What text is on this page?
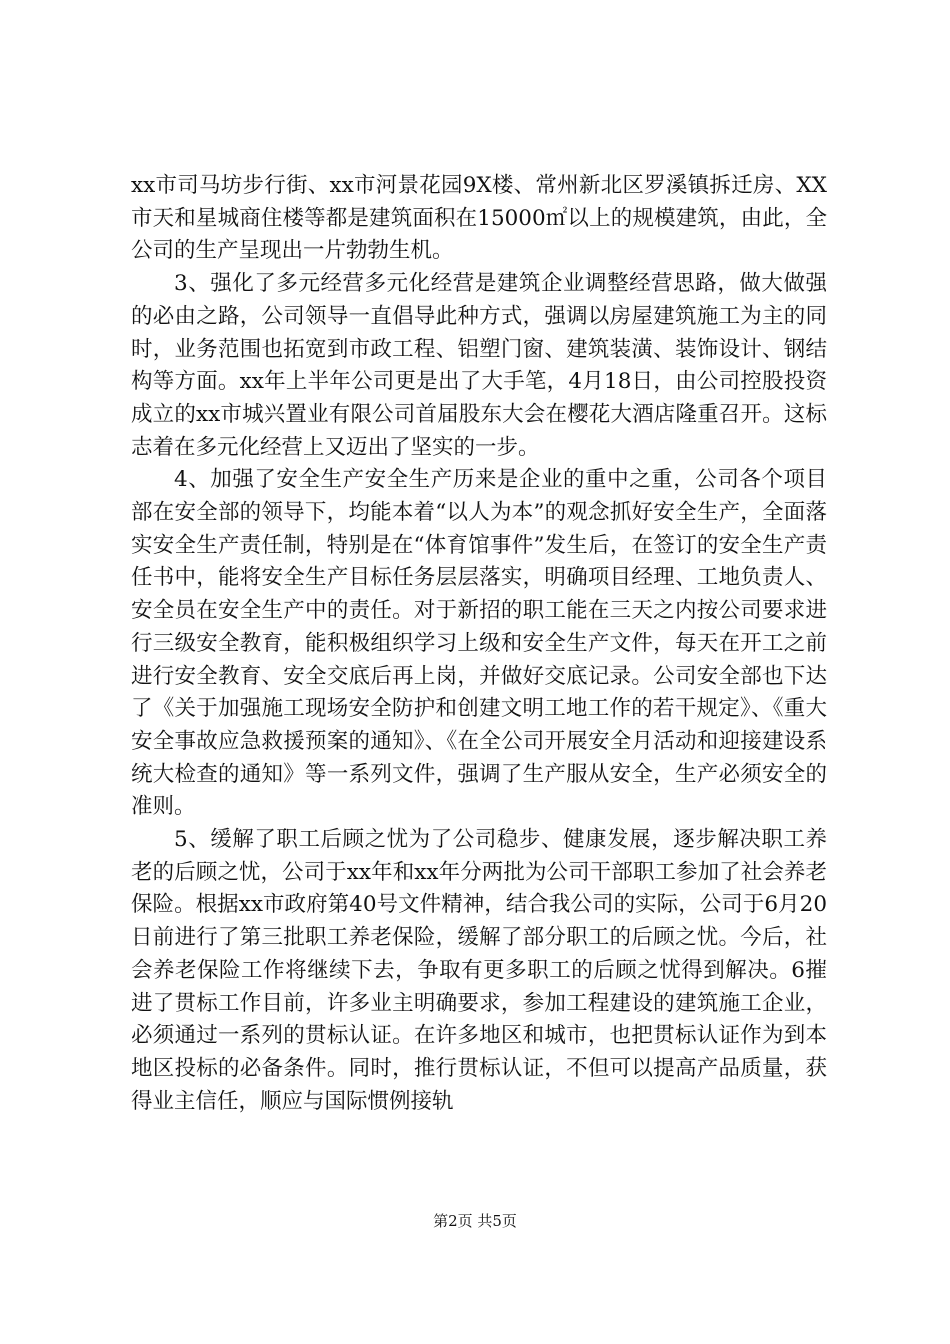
xx市司马坊步行街、xx市河景花园9X楼、常州新北区罗溪镇拆迁房、XX市天和星城商住楼等都是建筑面积在15000㎡以上的规模建筑，由此，全公司的生产呈现出一片勃勃生机。

3、强化了多元经营多元化经营是建筑企业调整经营思路，做大做强的必由之路，公司领导一直倡导此种方式，强调以房屋建筑施工为主的同时，业务范围也拓宽到市政工程、铝塑门窗、建筑装潢、装饰设计、钢结构等方面。xx年上半年公司更是出了大手笔，4月18日，由公司控股投资成立的xx市城兴置业有限公司首届股东大会在樱花大酒店隆重召开。这标志着在多元化经营上又迈出了坚实的一步。

4、加强了安全生产安全生产历来是企业的重中之重，公司各个项目部在安全部的领导下，均能本着“以人为本”的观念抓好安全生产，全面落实安全生产责任制，特别是在“体育馆事件”发生后，在签订的安全生产责任书中，能将安全生产目标任务层层落实，明确项目经理、工地负责人、安全员在安全生产中的责任。对于新招的职工能在三天之内按公司要求进行三级安全教育，能积极组织学习上级和安全生产文件，每天在开工之前进行安全教育、安全交底后再上岗，并做好交底记录。公司安全部也下达了《关于加强施工现场安全防护和创建文明工地工作的若干规定》、《重大安全事故应急救援预案的通知》、《在全公司开展安全月活动和迎接建设系统大检查的通知》等一系列文件，强调了生产服从安全，生产必须安全的准则。

5、缓解了职工后顾之忧为了公司稳步、健康发展，逐步解决职工养老的后顾之忧，公司于xx年和xx年分两批为公司干部职工参加了社会养老保险。根据xx市政府第40号文件精神，结合我公司的实际，公司于6月20日前进行了第三批职工养老保险，缓解了部分职工的后顾之忧。今后，社会养老保险工作将继续下去，争取有更多职工的后顾之忧得到解决。6摧进了贯标工作目前，许多业主明确要求，参加工程建设的建筑施工企业，必须通过一系列的贯标认证。在许多地区和城市，也把贯标认证作为到本地区投标的必备条件。同时，推行贯标认证，不但可以提高产品质量，获得业主信任，顺应与国际惯例接轨

第2页 共5页
